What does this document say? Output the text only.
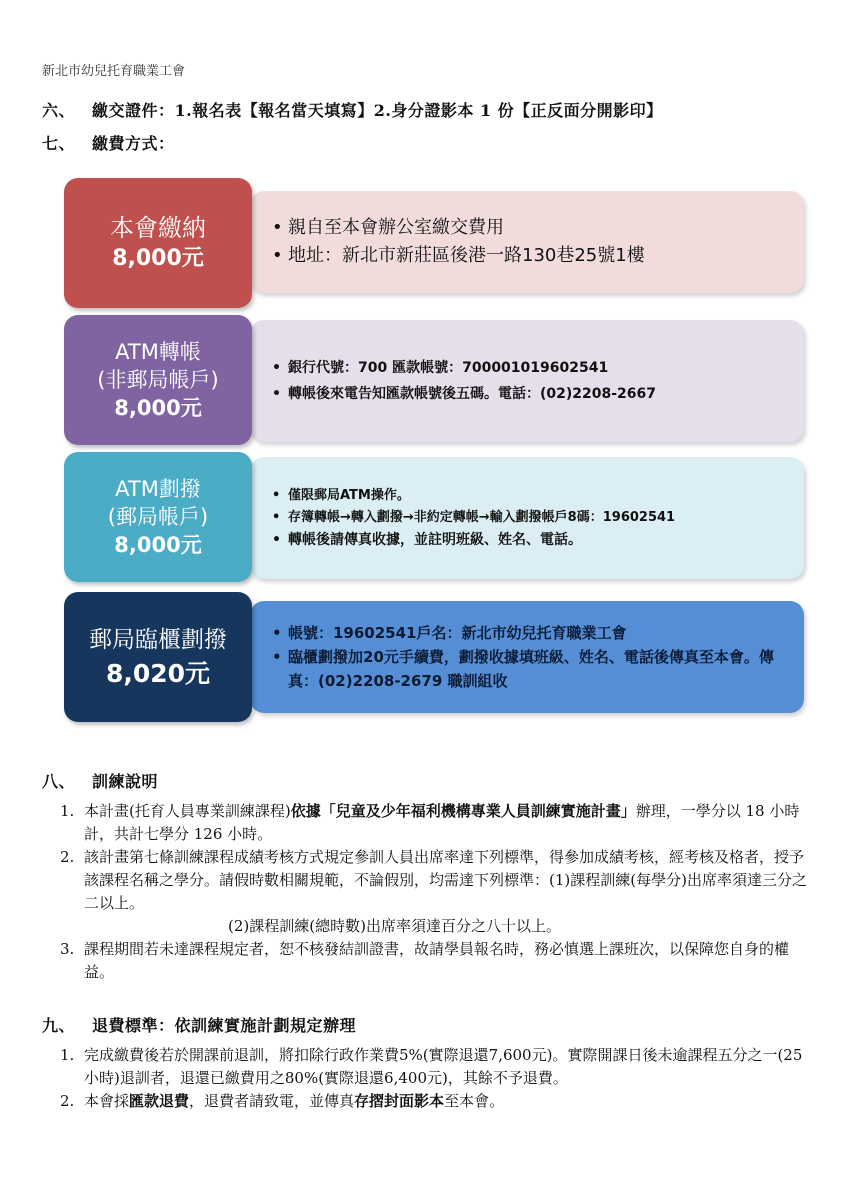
新北市幼兒托育職業工會
六、 繳交證件：1.報名表【報名當天填寫】2.身分證影本 1 份【正反面分開影印】
七、 繳費方式：
本會繳納
8,000元
• 親自至本會辦公室繳交費用
• 地址：新北市新莊區後港一路130巷25號1樓
ATM轉帳
(非郵局帳戶)
8,000元
• 銀行代號：700 匯款帳號：700001019602541
• 轉帳後來電告知匯款帳號後五碼。電話：(02)2208-2667
ATM劃撥
(郵局帳戶)
8,000元
• 僅限郵局ATM操作。
• 存簿轉帳→轉入劃撥→非約定轉帳→輸入劃撥帳戶8碼：19602541
• 轉帳後請傳真收據，並註明班級、姓名、電話。
郵局臨櫃劃撥
8,020元
• 帳號：19602541戶名：新北市幼兒托育職業工會
• 臨櫃劃撥加20元手續費，劃撥收據填班級、姓名、電話後傳真至本會。傳真：(02)2208-2679 職訓組收
八、 訓練說明
1. 本計畫(托育人員專業訓練課程)依據「兒童及少年福利機構專業人員訓練實施計畫」辦理，一學分以 18 小時計，共計七學分 126 小時。
2. 該計畫第七條訓練課程成績考核方式規定參訓人員出席率達下列標準，得參加成績考核，經考核及格者，授予該課程名稱之學分。請假時數相關規範，不論假別，均需達下列標準：(1)課程訓練(每學分)出席率須達三分之二以上。
(2)課程訓練(總時數)出席率須達百分之八十以上。
3. 課程期間若未達課程規定者，恕不核發結訓證書，故請學員報名時，務必慎選上課班次，以保障您自身的權益。
九、 退費標準：依訓練實施計劃規定辦理
1. 完成繳費後若於開課前退訓，將扣除行政作業費5%(實際退還7,600元)。實際開課日後未逾課程五分之一(25小時)退訓者，退還已繳費用之80%(實際退還6,400元)，其餘不予退費。
2. 本會採匯款退費，退費者請致電，並傳真存摺封面影本至本會。
